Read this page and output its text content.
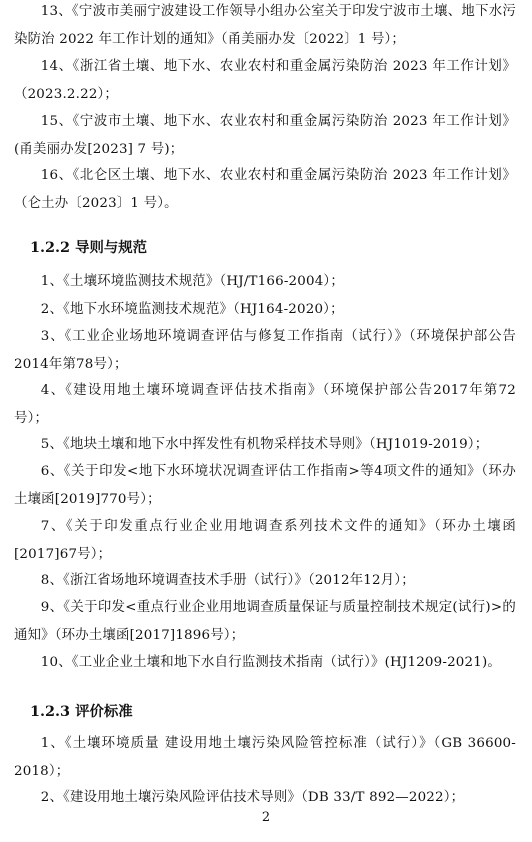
13、《宁波市美丽宁波建设工作领导小组办公室关于印发宁波市土壤、地下水污染防治 2022 年工作计划的通知》（甬美丽办发〔2022〕1 号）；

14、《浙江省土壤、地下水、农业农村和重金属污染防治 2023 年工作计划》（2023.2.22）；

15、《宁波市土壤、地下水、农业农村和重金属污染防治 2023 年工作计划》(甬美丽办发[2023] 7 号)；

16、《北仑区土壤、地下水、农业农村和重金属污染防治 2023 年工作计划》（仑土办〔2023〕1 号）。

1.2.2 导则与规范

1、《土壤环境监测技术规范》（HJ/T166-2004）；

2、《地下水环境监测技术规范》（HJ164-2020）；

3、《工业企业场地环境调查评估与修复工作指南（试行）》（环境保护部公告2014年第78号）；

4、《建设用地土壤环境调查评估技术指南》（环境保护部公告2017年第72号）；

5、《地块土壤和地下水中挥发性有机物采样技术导则》（HJ1019-2019）；

6、《关于印发<地下水环境状况调查评估工作指南>等4项文件的通知》（环办土壤函[2019]770号）；

7、《关于印发重点行业企业用地调查系列技术文件的通知》（环办土壤函[2017]67号）；

8、《浙江省场地环境调查技术手册（试行）》（2012年12月）；

9、《关于印发<重点行业企业用地调查质量保证与质量控制技术规定(试行)>的通知》（环办土壤函[2017]1896号）；

10、《工业企业土壤和地下水自行监测技术指南（试行）》(HJ1209-2021)。

1.2.3 评价标准

1、《土壤环境质量 建设用地土壤污染风险管控标准（试行）》（GB 36600-2018）；

2、《建设用地土壤污染风险评估技术导则》（DB 33/T 892—2022）；

2
